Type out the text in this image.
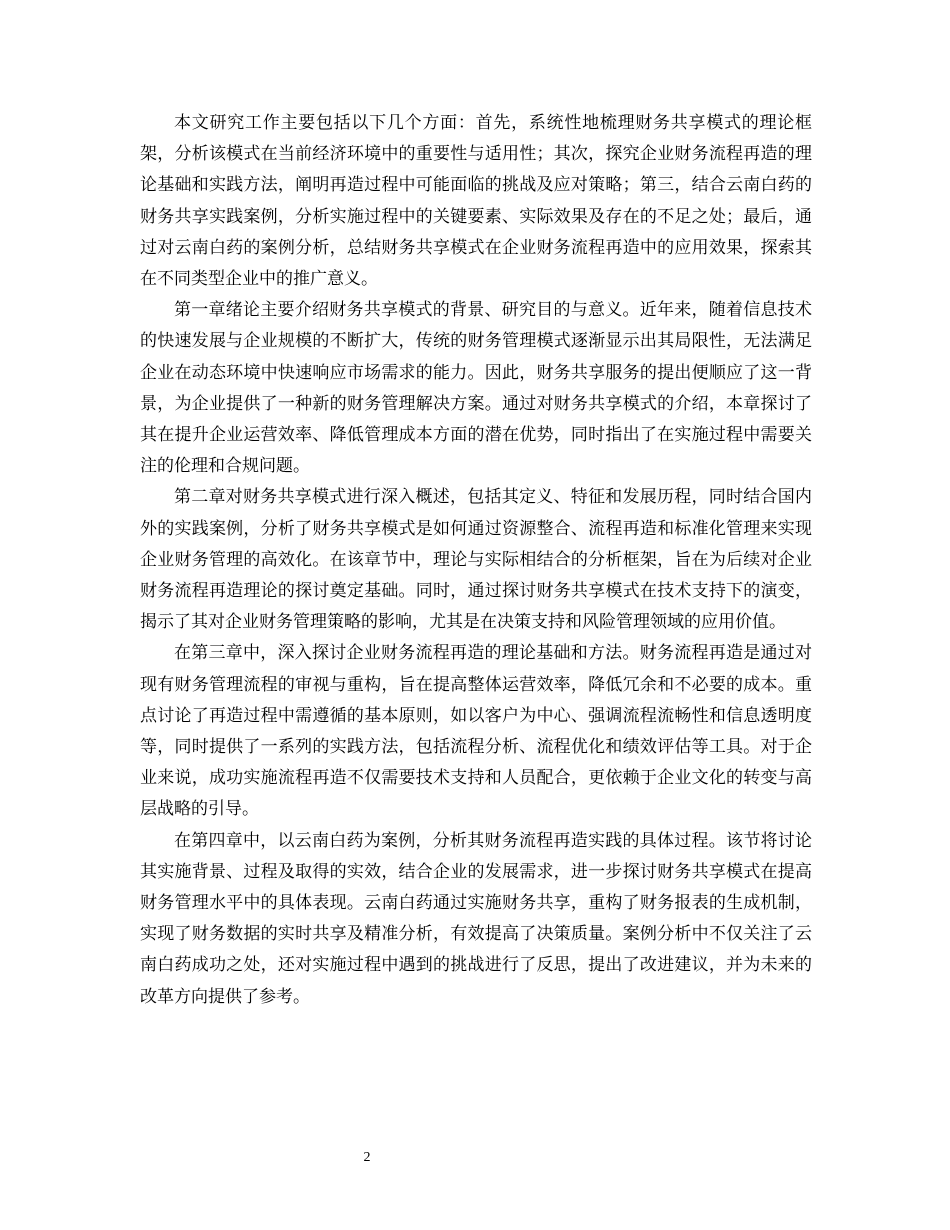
本文研究工作主要包括以下几个方面：首先，系统性地梳理财务共享模式的理论框架，分析该模式在当前经济环境中的重要性与适用性；其次，探究企业财务流程再造的理论基础和实践方法，阐明再造过程中可能面临的挑战及应对策略；第三，结合云南白药的财务共享实践案例，分析实施过程中的关键要素、实际效果及存在的不足之处；最后，通过对云南白药的案例分析，总结财务共享模式在企业财务流程再造中的应用效果，探索其在不同类型企业中的推广意义。

第一章绪论主要介绍财务共享模式的背景、研究目的与意义。近年来，随着信息技术的快速发展与企业规模的不断扩大，传统的财务管理模式逐渐显示出其局限性，无法满足企业在动态环境中快速响应市场需求的能力。因此，财务共享服务的提出便顺应了这一背景，为企业提供了一种新的财务管理解决方案。通过对财务共享模式的介绍，本章探讨了其在提升企业运营效率、降低管理成本方面的潜在优势，同时指出了在实施过程中需要关注的伦理和合规问题。

第二章对财务共享模式进行深入概述，包括其定义、特征和发展历程，同时结合国内外的实践案例，分析了财务共享模式是如何通过资源整合、流程再造和标准化管理来实现企业财务管理的高效化。在该章节中，理论与实际相结合的分析框架，旨在为后续对企业财务流程再造理论的探讨奠定基础。同时，通过探讨财务共享模式在技术支持下的演变，揭示了其对企业财务管理策略的影响，尤其是在决策支持和风险管理领域的应用价值。

在第三章中，深入探讨企业财务流程再造的理论基础和方法。财务流程再造是通过对现有财务管理流程的审视与重构，旨在提高整体运营效率，降低冗余和不必要的成本。重点讨论了再造过程中需遵循的基本原则，如以客户为中心、强调流程流畅性和信息透明度等，同时提供了一系列的实践方法，包括流程分析、流程优化和绩效评估等工具。对于企业来说，成功实施流程再造不仅需要技术支持和人员配合，更依赖于企业文化的转变与高层战略的引导。

在第四章中，以云南白药为案例，分析其财务流程再造实践的具体过程。该节将讨论其实施背景、过程及取得的实效，结合企业的发展需求，进一步探讨财务共享模式在提高财务管理水平中的具体表现。云南白药通过实施财务共享，重构了财务报表的生成机制，实现了财务数据的实时共享及精准分析，有效提高了决策质量。案例分析中不仅关注了云南白药成功之处，还对实施过程中遇到的挑战进行了反思，提出了改进建议，并为未来的改革方向提供了参考。

2
